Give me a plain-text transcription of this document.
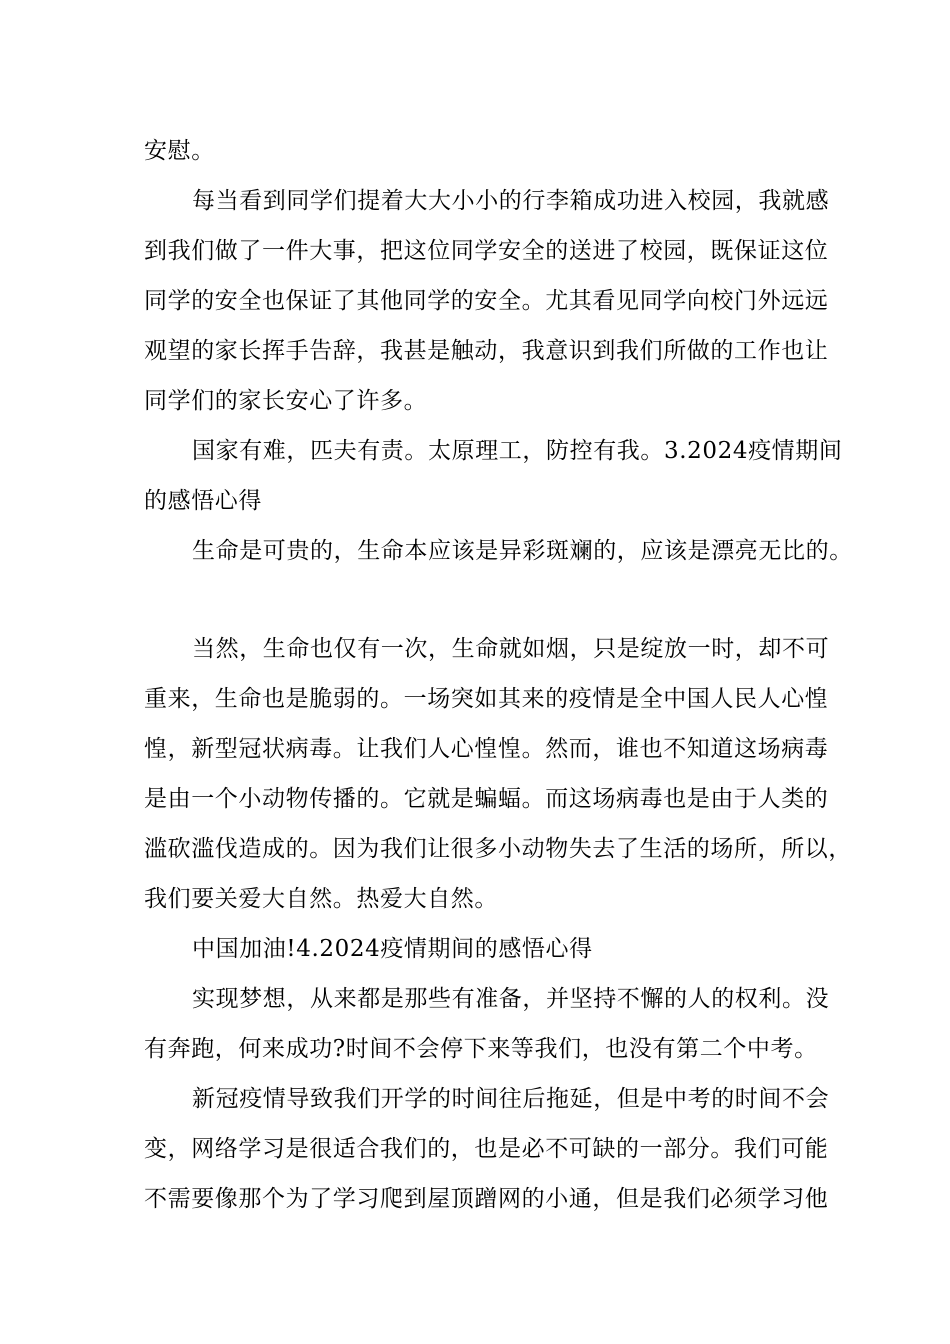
安慰。
每当看到同学们提着大大小小的行李箱成功进入校园，我就感
到我们做了一件大事，把这位同学安全的送进了校园，既保证这位
同学的安全也保证了其他同学的安全。尤其看见同学向校门外远远
观望的家长挥手告辞，我甚是触动，我意识到我们所做的工作也让
同学们的家长安心了许多。
国家有难，匹夫有责。太原理工，防控有我。3.2024疫情期间
的感悟心得
生命是可贵的，生命本应该是异彩斑斓的，应该是漂亮无比的。
当然，生命也仅有一次，生命就如烟，只是绽放一时，却不可
重来，生命也是脆弱的。一场突如其来的疫情是全中国人民人心惶
惶，新型冠状病毒。让我们人心惶惶。然而，谁也不知道这场病毒
是由一个小动物传播的。它就是蝙蝠。而这场病毒也是由于人类的
滥砍滥伐造成的。因为我们让很多小动物失去了生活的场所，所以，
我们要关爱大自然。热爱大自然。
中国加油!4.2024疫情期间的感悟心得
实现梦想，从来都是那些有准备，并坚持不懈的人的权利。没
有奔跑，何来成功?时间不会停下来等我们，也没有第二个中考。
新冠疫情导致我们开学的时间往后拖延，但是中考的时间不会
变，网络学习是很适合我们的，也是必不可缺的一部分。我们可能
不需要像那个为了学习爬到屋顶蹭网的小通，但是我们必须学习他
